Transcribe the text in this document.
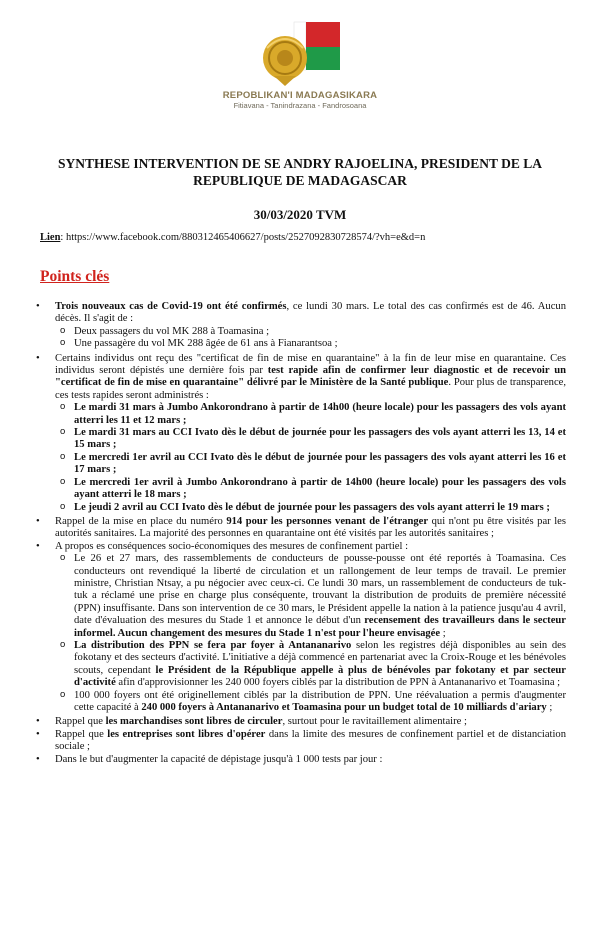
REPOBLIKAN'I MADAGASIKARA
Fitiavana - Tanindrazana - Fandrosoana
SYNTHESE INTERVENTION DE SE ANDRY RAJOELINA, PRESIDENT DE LA
REPUBLIQUE DE MADAGASCAR
30/03/2020 TVM
Lien: https://www.facebook.com/880312465406627/posts/2527092830728574/?vh=e&d=n
Points clés

• Trois nouveaux cas de Covid-19 ont été confirmés, ce lundi 30 mars. Le total des cas confirmés est de 46. Aucun décès. Il s'agit de :

o Deux passagers du vol MK 288 à Toamasina ;

o Une passagère du vol MK 288 âgée de 61 ans à Fianarantsoa ;

• Certains individus ont reçu des "certificat de fin de mise en quarantaine" à la fin de leur mise en quarantaine. Ces individus seront dépistés une dernière fois par test rapide afin de confirmer leur diagnostic et de recevoir un "certificat de fin de mise en quarantaine" délivré par le Ministère de la Santé publique. Pour plus de transparence, ces tests rapides seront administrés :

o Le mardi 31 mars à Jumbo Ankorondrano à partir de 14h00 (heure locale) pour les passagers des vols ayant atterri les 11 et 12 mars ;

o Le mardi 31 mars au CCI Ivato dès le début de journée pour les passagers des vols ayant atterri les 13, 14 et 15 mars ;

o Le mercredi 1er avril au CCI Ivato dès le début de journée pour les passagers des vols ayant atterri les 16 et 17 mars ;

o Le mercredi 1er avril à Jumbo Ankorondrano à partir de 14h00 (heure locale) pour les passagers des vols ayant atterri le 18 mars ;

o Le jeudi 2 avril au CCI Ivato dès le début de journée pour les passagers des vols ayant atterri le 19 mars ;

• Rappel de la mise en place du numéro 914 pour les personnes venant de l'étranger qui n'ont pu être visités par les autorités sanitaires. La majorité des personnes en quarantaine ont été visités par les autorités sanitaires ;

• A propos es conséquences socio-économiques des mesures de confinement partiel :

o Le 26 et 27 mars, des rassemblements de conducteurs de pousse-pousse ont été reportés à Toamasina. Ces conducteurs ont revendiqué la liberté de circulation et un rallongement de leur temps de travail. Le premier ministre, Christian Ntsay, a pu négocier avec ceux-ci. Ce lundi 30 mars, un rassemblement de conducteurs de tuk-tuk a réclamé une prise en charge plus conséquente, trouvant la distribution de produits de première nécessité (PPN) insuffisante. Dans son intervention de ce 30 mars, le Président appelle la nation à la patience jusqu'au 4 avril, date d'évaluation des mesures du Stade 1 et annonce le début d'un recensement des travailleurs dans le secteur informel. Aucun changement des mesures du Stade 1 n'est pour l'heure envisagée ;

o La distribution des PPN se fera par foyer à Antananarivo selon les registres déjà disponibles au sein des fokotany et des secteurs d'activité. L'initiative a déjà commencé en partenariat avec la Croix-Rouge et les bénévoles scouts, cependant le Président de la République appelle à plus de bénévoles par fokotany et par secteur d'activité afin d'approvisionner les 240 000 foyers ciblés par la distribution de PPN à Antananarivo et Toamasina ;

o 100 000 foyers ont été originellement ciblés par la distribution de PPN. Une réévaluation a permis d'augmenter cette capacité à 240 000 foyers à Antananarivo et Toamasina pour un budget total de 10 milliards d'ariary ;

• Rappel que les marchandises sont libres de circuler, surtout pour le ravitaillement alimentaire ;

• Rappel que les entreprises sont libres d'opérer dans la limite des mesures de confinement partiel et de distanciation sociale ;

• Dans le but d'augmenter la capacité de dépistage jusqu'à 1 000 tests par jour :
